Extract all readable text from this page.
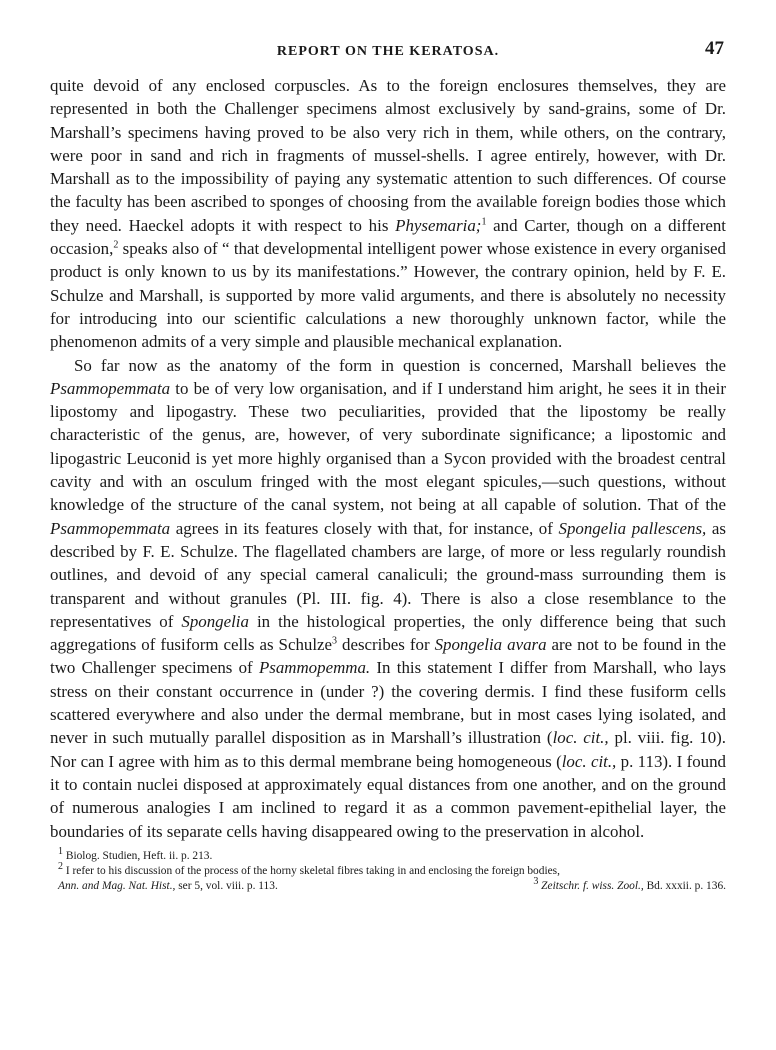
REPORT ON THE KERATOSA.	47

quite devoid of any enclosed corpuscles. As to the foreign enclosures themselves, they are represented in both the Challenger specimens almost exclusively by sand-grains, some of Dr. Marshall’s specimens having proved to be also very rich in them, while others, on the contrary, were poor in sand and rich in fragments of mussel-shells. I agree entirely, however, with Dr. Marshall as to the impossibility of paying any systematic attention to such differences. Of course the faculty has been ascribed to sponges of choosing from the available foreign bodies those which they need. Haeckel adopts it with respect to his Physemaria;$^1$ and Carter, though on a different occasion,$^2$ speaks also of “ that developmental intelligent power whose existence in every organised product is only known to us by its manifestations.” However, the contrary opinion, held by F. E. Schulze and Marshall, is supported by more valid arguments, and there is absolutely no necessity for introducing into our scientific calculations a new thoroughly unknown factor, while the phenomenon admits of a very simple and plausible mechanical explanation.

So far now as the anatomy of the form in question is concerned, Marshall believes the Psammopemmata to be of very low organisation, and if I understand him aright, he sees it in their lipostomy and lipogastry. These two peculiarities, provided that the lipostomy be really characteristic of the genus, are, however, of very subordinate significance; a lipostomic and lipogastric Leuconid is yet more highly organised than a Sycon provided with the broadest central cavity and with an osculum fringed with the most elegant spicules,—such questions, without knowledge of the structure of the canal system, not being at all capable of solution. That of the Psammopemmata agrees in its features closely with that, for instance, of Spongelia pallescens, as described by F. E. Schulze. The flagellated chambers are large, of more or less regularly roundish outlines, and devoid of any special cameral canaliculi; the ground-mass surrounding them is transparent and without granules (Pl. III. fig. 4). There is also a close resemblance to the representatives of Spongelia in the histological properties, the only difference being that such aggregations of fusiform cells as Schulze$^3$ describes for Spongelia avara are not to be found in the two Challenger specimens of Psammopemma. In this statement I differ from Marshall, who lays stress on their constant occurrence in (under ?) the covering dermis. I find these fusiform cells scattered everywhere and also under the dermal membrane, but in most cases lying isolated, and never in such mutually parallel disposition as in Marshall’s illustration (loc. cit., pl. viii. fig. 10). Nor can I agree with him as to this dermal membrane being homogeneous (loc. cit., p. 113). I found it to contain nuclei disposed at approximately equal distances from one another, and on the ground of numerous analogies I am inclined to regard it as a common pavement-epithelial layer, the boundaries of its separate cells having disappeared owing to the preservation in alcohol.

$^1$ Biolog. Studien, Heft. ii. p. 213.

$^2$ I refer to his discussion of the process of the horny skeletal fibres taking in and enclosing the foreign bodies,

Ann. and Mag. Nat. Hist., ser 5, vol. viii. p. 113.	$^3$ Zeitschr. f. wiss. Zool., Bd. xxxii. p. 136.
